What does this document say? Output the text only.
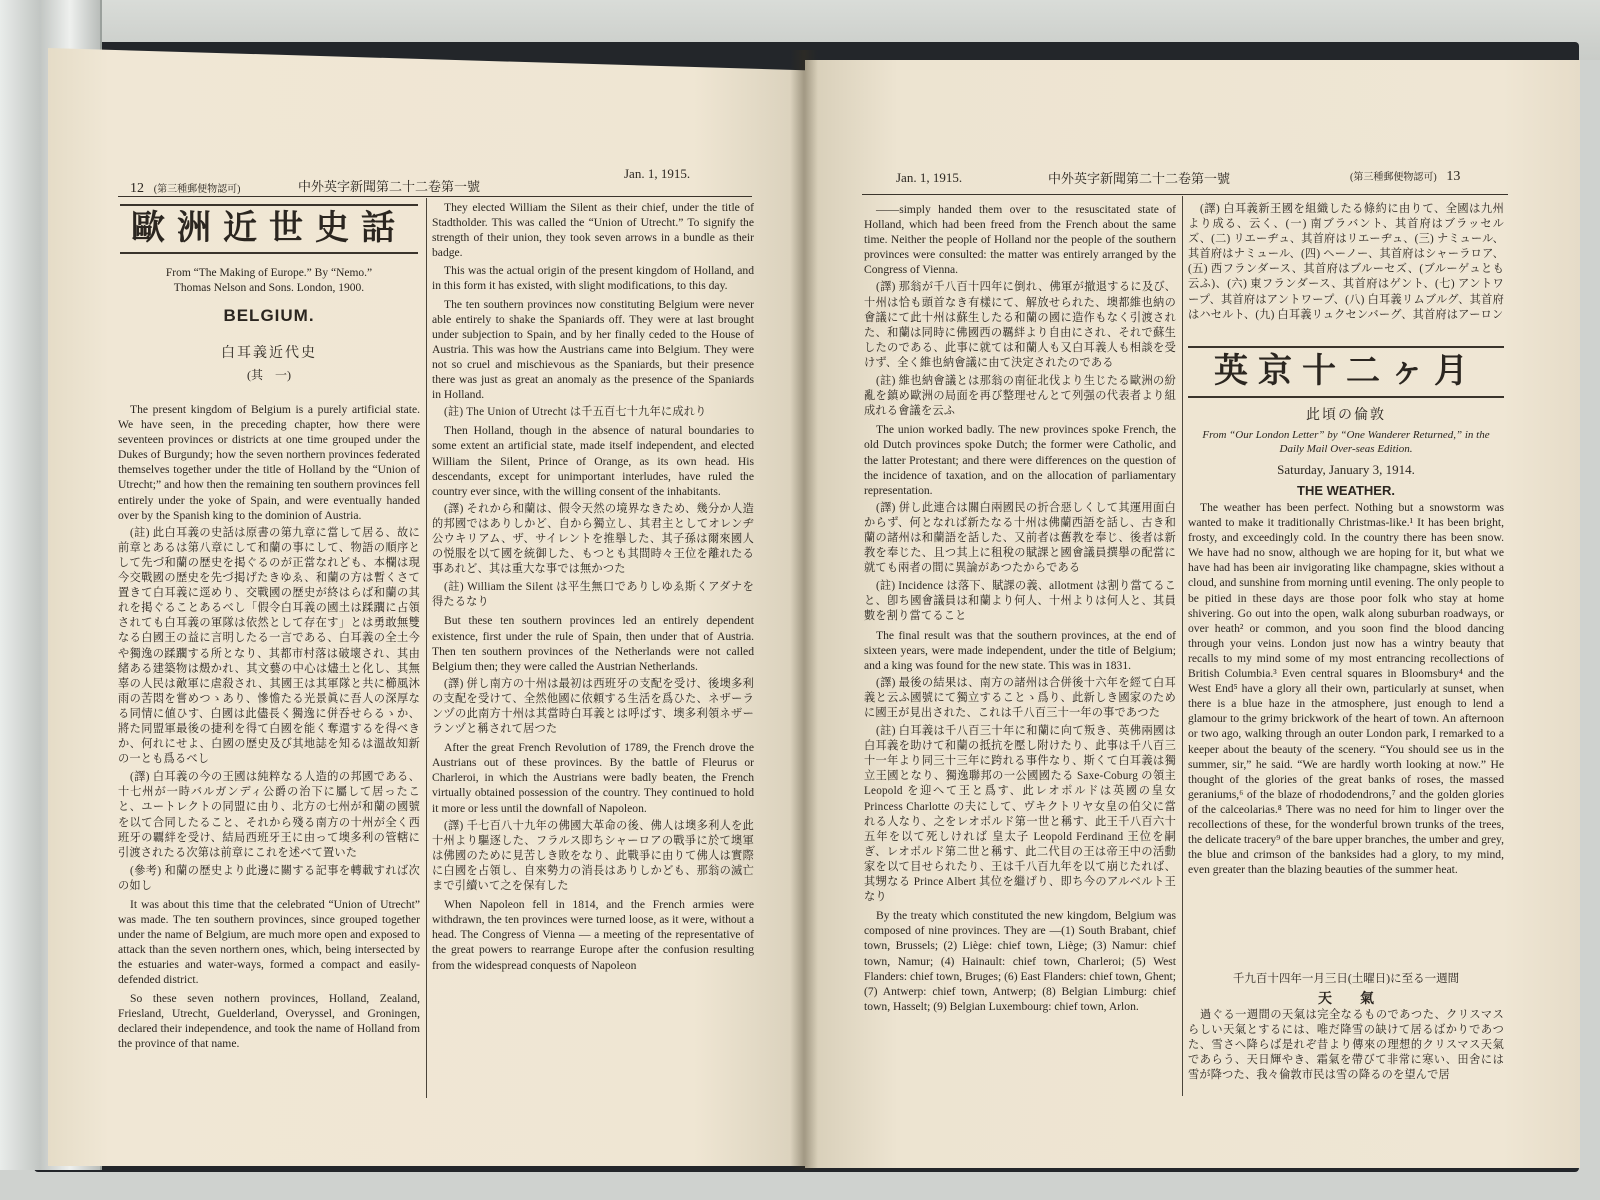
12 (第三種郵便物認可)	中外英字新聞第二十二卷第一號
Jan. 1, 1915.
歐洲近世史話
From “The Making of Europe.” By “Nemo.”
Thomas Nelson and Sons. London, 1900.
BELGIUM.
白耳義近代史
(其　一)

The present kingdom of Belgium is a purely artificial state. We have seen, in the preceding chapter, how there were seventeen provinces or districts at one time grouped under the Dukes of Burgundy; how the seven northern provinces federated themselves together under the title of Holland by the “Union of Utrecht;” and how then the remaining ten southern provinces fell entirely under the yoke of Spain, and were eventually handed over by the Spanish king to the dominion of Austria.

(註) 此白耳義の史話は原書の第九章に當して居る、故に前章とあるは第八章にして和蘭の事にして、物語の順序として先づ和蘭の歴史を掲ぐるのが正當なれども、本欄は現今交戰國の歴史を先づ掲げたきゆゑ、和蘭の方は暫くさて置きて白耳義に逕めり、交戰國の歴史が終はらば和蘭の其れを掲ぐることあるべし「假令白耳義の國土は蹂躙に占領されても白耳義の軍隊は依然として存在す」とは勇敢無雙なる白國王の益に言明したる一言である、白耳義の全土今や獨逸の蹂躙する所となり、其都市村落は破壞され、其由緒ある建築物は燬かれ、其文藝の中心は燼土と化し、其無辜の人民は敵軍に虐殺され、其國王は其軍隊と共に櫛風沐雨の苦悶を嘗めつゝあり、慘憺たる光景眞に吾人の深厚なる同情に値ひす、白國は此儘長く獨逸に併吞せらるゝか、將た同盟軍最後の捷利を得て白國を能く奪還するを得べきか、何れにせよ、白國の歴史及び其地誌を知るは溫故知新の一とも爲るべし

(譯) 白耳義の今の王國は純粹なる人造的の邦國である、十七州が一時バルガンディ公爵の治下に屬して居ったこと、ユートレクトの同盟に由り、北方の七州が和蘭の國號を以て合同したること、それから殘る南方の十州が全く西班牙の覊絆を受け、結局西班牙王に由って墺多利の管轄に引渡されたる次第は前章にこれを述べて置いた

(參考) 和蘭の歴史より此邊に關する記事を轉載すれば次の如し

It was about this time that the celebrated “Union of Utrecht” was made. The ten southern provinces, since grouped together under the name of Belgium, are much more open and exposed to attack than the seven northern ones, which, being intersected by the estuaries and water-ways, formed a compact and easily-defended district.

So these seven nothern provinces, Holland, Zealand, Friesland, Utrecht, Guelderland, Overyssel, and Groningen, declared their independence, and took the name of Holland from the province of that name.

They elected William the Silent as their chief, under the title of Stadtholder. This was called the “Union of Utrecht.” To signify the strength of their union, they took seven arrows in a bundle as their badge.

This was the actual origin of the present kingdom of Holland, and in this form it has existed, with slight modifications, to this day.

The ten southern provinces now constituting Belgium were never able entirely to shake the Spaniards off. They were at last brought under subjection to Spain, and by her finally ceded to the House of Austria. This was how the Austrians came into Belgium. They were not so cruel and mischievous as the Spaniards, but their presence there was just as great an anomaly as the presence of the Spaniards in Holland.

(註) The Union of Utrecht は千五百七十九年に成れり

Then Holland, though in the absence of natural boundaries to some extent an artificial state, made itself independent, and elected William the Silent, Prince of Orange, as its own head. His descendants, except for unimportant interludes, have ruled the country ever since, with the willing consent of the inhabitants.

(譯) それから和蘭は、假令天然の境界なきため、幾分か人造的邦國ではありしかど、自から獨立し、其君主としてオレンヂ公ウキリアム、ザ、サイレントを推擧した、其子孫は爾來國人の悦服を以て國を統御した、もつとも其間時々王位を離れたる事あれど、其は重大な事では無かつた

(註) William the Silent は平生無口でありしゆゑ斯くアダナを得たるなり

But these ten southern provinces led an entirely dependent existence, first under the rule of Spain, then under that of Austria. Then ten southern provinces of the Netherlands were not called Belgium then; they were called the Austrian Netherlands.

(譯) 併し南方の十州は最初は西班牙の支配を受け、後墺多利の支配を受けて、全然他國に依頼する生活を爲ひた、ネザーランヅの此南方十州は其當時白耳義とは呼ばす、墺多利領ネザーランヅと稱されて居つた

After the great French Revolution of 1789, the French drove the Austrians out of these provinces. By the battle of Fleurus or Charleroi, in which the Austrians were badly beaten, the French virtually obtained possession of the country. They continued to hold it more or less until the downfall of Napoleon.

(譯) 千七百八十九年の佛國大革命の後、佛人は墺多利人を此十州より驅逐した、フラルス即ちシャーロアの戰爭に於て墺軍は佛國のために見苦しき敗をなり、此戰爭に由りて佛人は實際に白國を占領し、自來勢力の消長はありしかども、那翁の滅亡まで引續いて之を保有した

When Napoleon fell in 1814, and the French armies were withdrawn, the ten provinces were turned loose, as it were, without a head. The Congress of Vienna — a meeting of the representative of the great powers to rearrange Europe after the confusion resulting from the widespread conquests of Napoleon

Jan. 1, 1915.	中外英字新聞第二十二卷第一號	(第三種郵便物認可) 13

——simply handed them over to the resuscitated state of Holland, which had been freed from the French about the same time. Neither the people of Holland nor the people of the southern provinces were consulted: the matter was entirely arranged by the Congress of Vienna.

(譯) 那翁が千八百十四年に倒れ、佛軍が撤退するに及び、十州は恰も頭首なき有樣にて、解放せられた、墺都維也納の會議にて此十州は蘇生したる和蘭の國に造作もなく引渡された、和蘭は同時に佛國西の羈絆より自由にされ、それで蘇生したのである、此事に就ては和蘭人も又白耳義人も相談を受けず、全く維也納會議に由て決定されたのである

(註) 維也納會議とは那翁の南征北伐より生じたる歐洲の紛亂を鎮め歐洲の局面を再び整理せんとて列强の代表者より組成れる會議を云ふ

The union worked badly. The new provinces spoke French, the old Dutch provinces spoke Dutch; the former were Catholic, and the latter Protestant; and there were differences on the question of the incidence of taxation, and on the allocation of parliamentary representation.

(譯) 併し此連合は關白兩國民の折合惡しくして其運用面白からず、何となれば新たなる十州は佛蘭西語を話し、古き和蘭の諸州は和蘭語を話した、又前者は舊教を奉じ、後者は新教を奉じた、且つ其上に租稅の賦課と國會議員撰擧の配當に就ても兩者の間に異論があつたからである

(註) Incidence は落下、賦課の義、allotment は割り當てること、卽ち國會議員は和蘭より何人、十州よりは何人と、其員數を割り當てること

The final result was that the southern provinces, at the end of sixteen years, were made independent, under the title of Belgium; and a king was found for the new state. This was in 1831.

(譯) 最後の結果は、南方の諸州は合併後十六年を經て白耳義と云ふ國號にて獨立することゝ爲り、此新しき國家のために國王が見出された、これは千八百三十一年の事であつた

(註) 白耳義は千八百三十年に和蘭に向て叛き、英佛兩國は白耳義を助けて和蘭の抵抗を壓し附けたり、此事は千八百三十一年より同三十三年に跨れる事件なり、斯くて白耳義は獨立王國となり、獨逸聯邦の一公國國たる Saxe-Coburg の領主 Leopold を迎へて王と爲す、此レオポルドは英國の皇女 Princess Charlotte の夫にして、ヴキクトリヤ女皇の伯父に當れる人なり、之をレオポルド第一世と稱す、此王千八百六十五年を以て死しければ 皇太子 Leopold Ferdinand 王位を嗣ぎ、レオポルド第二世と稱す、此二代目の王は帝王中の活動家を以て目せられたり、王は千八百九年を以て崩じたれば、其甥なる Prince Albert 其位を繼げり、即ち今のアルベルト王なり

By the treaty which constituted the new kingdom, Belgium was composed of nine provinces. They are —(1) South Brabant, chief town, Brussels; (2) Liège: chief town, Liège; (3) Namur: chief town, Namur; (4) Hainault: chief town, Charleroi; (5) West Flanders: chief town, Bruges; (6) East Flanders: chief town, Ghent; (7) Antwerp: chief town, Antwerp; (8) Belgian Limburg: chief town, Hasselt; (9) Belgian Luxembourg: chief town, Arlon.

(譯) 白耳義新王國を組織したる條約に由りて、全國は九州より成る、云く、(一) 南ブラバント、其首府はブラッセルズ、(二) リエーヂュ、其首府はリエーヂュ、(三) ナミュール、其首府はナミュール、(四) ヘーノー、其首府はシャーラロア、(五) 西フランダース、其首府はブルーセズ、(ブルーゲュとも云ふ)、(六) 東フランダース、其首府はゲント、(七) アントワープ、其首府はアントワープ、(八) 白耳義リムブルグ、其首府はハセルト、(九) 白耳義リュクセンバーグ、其首府はアーロン

英京十二ヶ月
此頃の倫敦
From “Our London Letter” by “One Wanderer Returned,” in the Daily Mail Over-seas Edition.
Saturday, January 3, 1914.
THE WEATHER.

The weather has been perfect. Nothing but a snowstorm was wanted to make it traditionally Christmas-like.¹ It has been bright, frosty, and exceedingly cold. In the country there has been snow. We have had no snow, although we are hoping for it, but what we have had has been air invigorating like champagne, skies without a cloud, and sunshine from morning until evening. The only people to be pitied in these days are those poor folk who stay at home shivering. Go out into the open, walk along suburban roadways, or over heath² or common, and you soon find the blood dancing through your veins. London just now has a wintry beauty that recalls to my mind some of my most entrancing recollections of British Columbia.³ Even central squares in Bloomsbury⁴ and the West End⁵ have a glory all their own, particularly at sunset, when there is a blue haze in the atmosphere, just enough to lend a glamour to the grimy brickwork of the heart of town. An afternoon or two ago, walking through an outer London park, I remarked to a keeper about the beauty of the scenery. “You should see us in the summer, sir,” he said. “We are hardly worth looking at now.” He thought of the glories of the great banks of roses, the massed geraniums,⁶ of the blaze of rhododendrons,⁷ and the golden glories of the calceolarias.⁸ There was no need for him to linger over the recollections of these, for the wonderful brown trunks of the trees, the delicate tracery⁹ of the bare upper branches, the umber and grey, the blue and crimson of the banksides had a glory, to my mind, even greater than the blazing beauties of the summer heat.

千九百十四年一月三日(土曜日)に至る一週間
天　　氣

過ぐる一週間の天氣は完全なるものであつた、クリスマスらしい天氣とするには、唯だ降雪の缺けて居るばかりであつた、雪さへ降らば是れぞ昔より傳來の理想的クリスマス天氣であらう、天日輝やき、霜氣を帶びて非常に寒い、田舍には雪が降つた、我々倫敦市民は雪の降るのを望んで居
